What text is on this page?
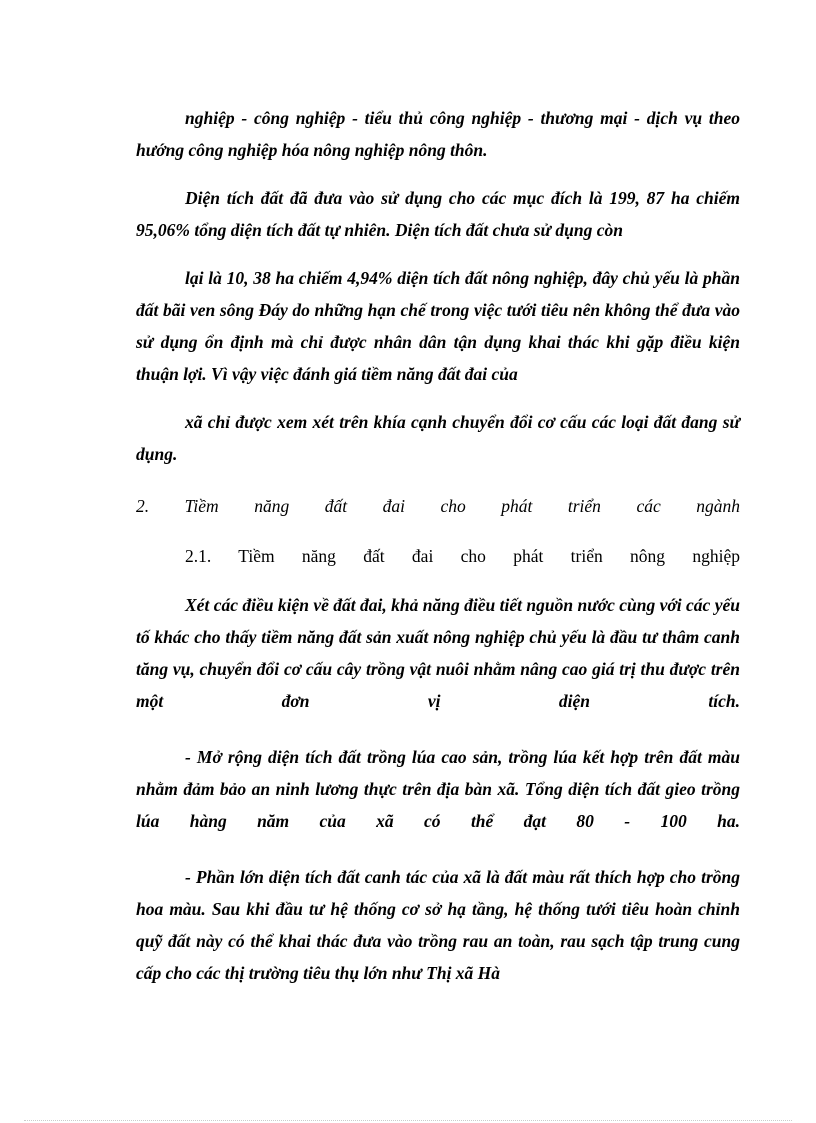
nghiệp - công nghiệp - tiểu thủ công nghiệp - thương mại - dịch vụ theo hướng công nghiệp hóa nông nghiệp nông thôn.

Diện tích đất đã đưa vào sử dụng cho các mục đích là 199, 87 ha chiếm 95,06% tổng diện tích đất tự nhiên. Diện tích đất chưa sử dụng còn

lại là 10, 38 ha chiếm 4,94% diện tích đất nông nghiệp, đây chủ yếu là phần đất bãi ven sông Đáy do những hạn chế trong việc tưới tiêu nên không thể đưa vào sử dụng ổn định mà chỉ được nhân dân tận dụng khai thác khi gặp điều kiện thuận lợi. Vì vậy việc đánh giá tiềm năng đất đai của

xã chỉ được xem xét trên khía cạnh chuyển đổi cơ cấu các loại đất đang sử dụng.

2. Tiềm năng đất đai cho phát triển các ngành

2.1. Tiềm năng đất đai cho phát triển nông nghiệp

Xét các điều kiện về đất đai, khả năng điều tiết nguồn nước cùng với các yếu tố khác cho thấy tiềm năng đất sản xuất nông nghiệp chủ yếu là đầu tư thâm canh tăng vụ, chuyển đổi cơ cấu cây trồng vật nuôi nhằm nâng cao giá trị thu được trên một đơn vị diện tích.

- Mở rộng diện tích đất trồng lúa cao sản, trồng lúa kết hợp trên đất màu nhằm đảm bảo an ninh lương thực trên địa bàn xã. Tổng diện tích đất gieo trồng lúa hàng năm của xã có thể đạt 80 - 100 ha.

- Phần lớn diện tích đất canh tác của xã là đất màu rất thích hợp cho trồng hoa màu. Sau khi đầu tư hệ thống cơ sở hạ tầng, hệ thống tưới tiêu hoàn chỉnh quỹ đất này có thể khai thác đưa vào trồng rau an toàn, rau sạch tập trung cung cấp cho các thị trường tiêu thụ lớn như Thị xã Hà
